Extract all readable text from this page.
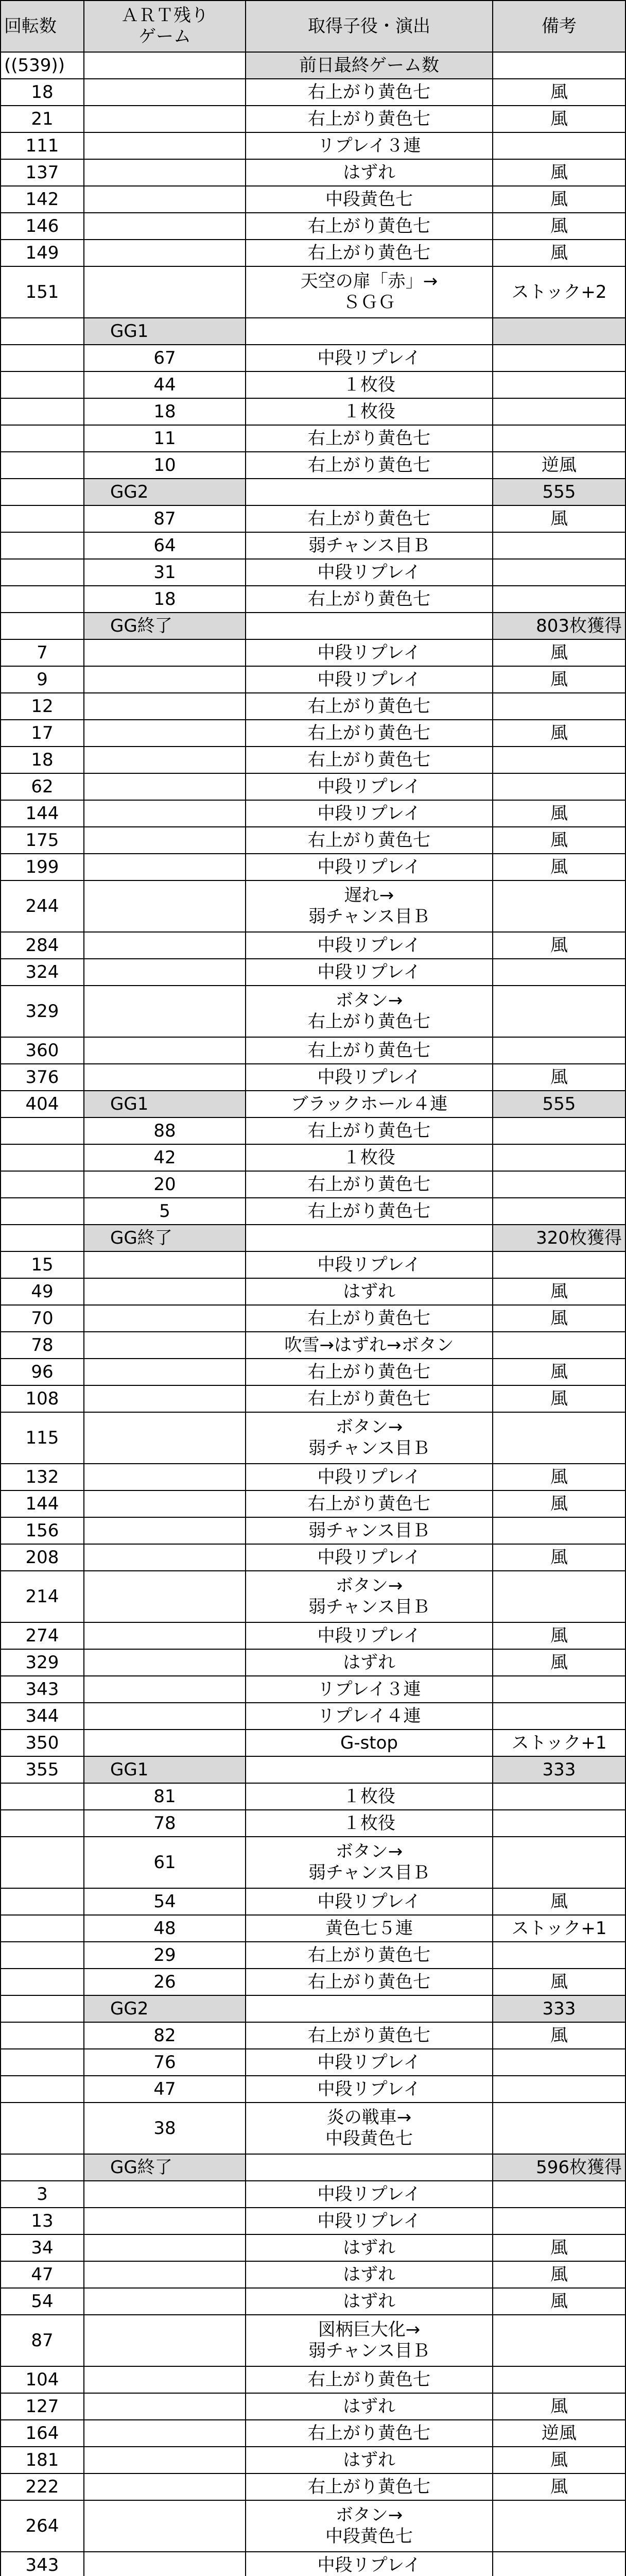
回転数	ＡＲＴ残り
ゲーム	取得子役・演出	備考
((539))		前日最終ゲーム数	
18		右上がり黄色七	風
21		右上がり黄色七	風
111		リプレイ３連	
137		はずれ	風
142		中段黄色七	風
146		右上がり黄色七	風
149		右上がり黄色七	風
151		天空の扉「赤」→
ＳＧＧ	ストック+2
	GG1		
	67	中段リプレイ	
	44	１枚役	
	18	１枚役	
	11	右上がり黄色七	
	10	右上がり黄色七	逆風
	GG2		555
	87	右上がり黄色七	風
	64	弱チャンス目Ｂ	
	31	中段リプレイ	
	18	右上がり黄色七	
	GG終了		803枚獲得
7		中段リプレイ	風
9		中段リプレイ	風
12		右上がり黄色七	
17		右上がり黄色七	風
18		右上がり黄色七	
62		中段リプレイ	
144		中段リプレイ	風
175		右上がり黄色七	風
199		中段リプレイ	風
244		遅れ→
弱チャンス目Ｂ	
284		中段リプレイ	風
324		中段リプレイ	
329		ボタン→
右上がり黄色七	
360		右上がり黄色七	
376		中段リプレイ	風
404	GG1	ブラックホール４連	555
	88	右上がり黄色七	
	42	１枚役	
	20	右上がり黄色七	
	5	右上がり黄色七	
	GG終了		320枚獲得
15		中段リプレイ	
49		はずれ	風
70		右上がり黄色七	風
78		吹雪→はずれ→ボタン	
96		右上がり黄色七	風
108		右上がり黄色七	風
115		ボタン→
弱チャンス目Ｂ	
132		中段リプレイ	風
144		右上がり黄色七	風
156		弱チャンス目Ｂ	
208		中段リプレイ	風
214		ボタン→
弱チャンス目Ｂ	
274		中段リプレイ	風
329		はずれ	風
343		リプレイ３連	
344		リプレイ４連	
350		G-stop	ストック+1
355	GG1		333
	81	１枚役	
	78	１枚役	
	61	ボタン→
弱チャンス目Ｂ	
	54	中段リプレイ	風
	48	黄色七５連	ストック+1
	29	右上がり黄色七	
	26	右上がり黄色七	風
	GG2		333
	82	右上がり黄色七	風
	76	中段リプレイ	
	47	中段リプレイ	
	38	炎の戦車→
中段黄色七	
	GG終了		596枚獲得
3		中段リプレイ	
13		中段リプレイ	
34		はずれ	風
47		はずれ	風
54		はずれ	風
87		図柄巨大化→
弱チャンス目Ｂ	
104		右上がり黄色七	
127		はずれ	風
164		右上がり黄色七	逆風
181		はずれ	風
222		右上がり黄色七	風
264		ボタン→
中段黄色七	
343		中段リプレイ	
